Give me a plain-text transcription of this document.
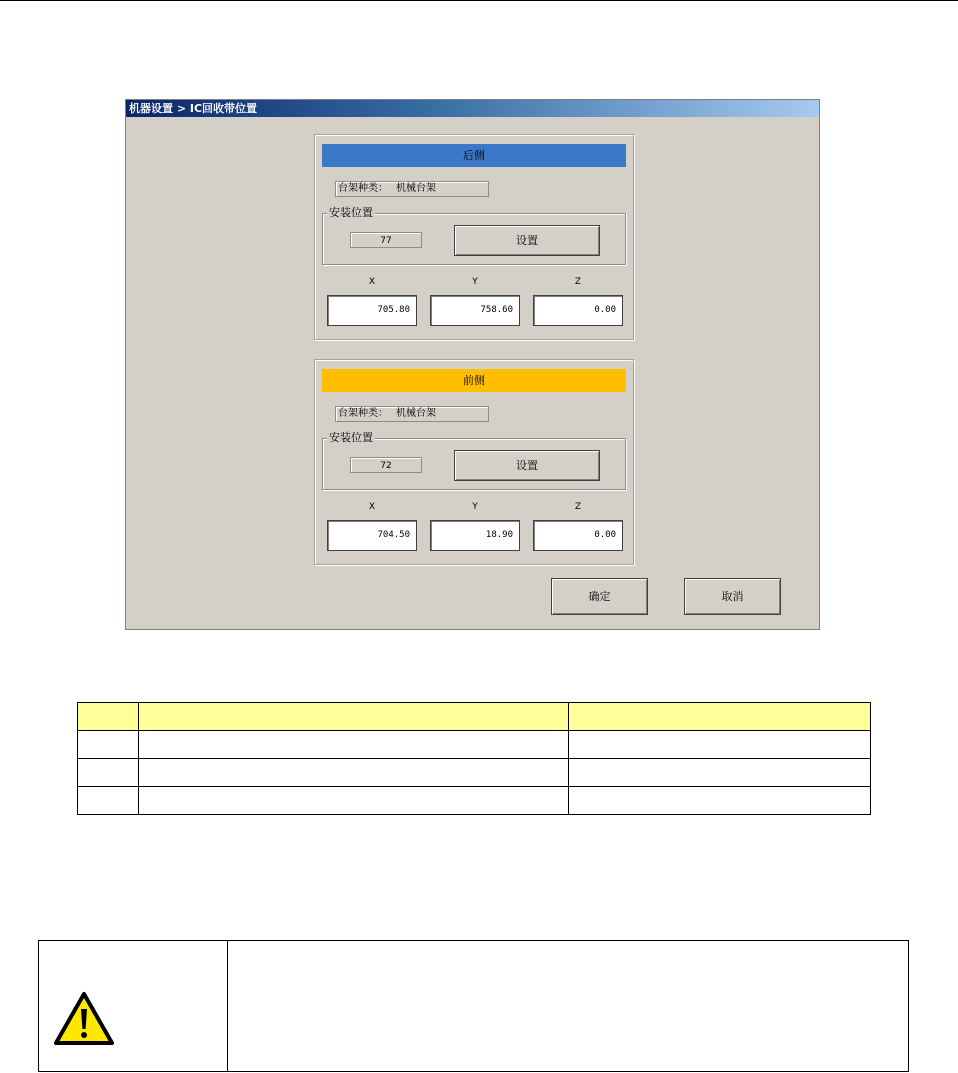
机器设置 > IC回收带位置
后侧
台架种类： 机械台架
安装位置
77	设置
X	Y	Z
705.80	758.60	0.00
前侧
台架种类： 机械台架
安装位置
72	设置
X	Y	Z
704.50	18.90	0.00
确定	取消
